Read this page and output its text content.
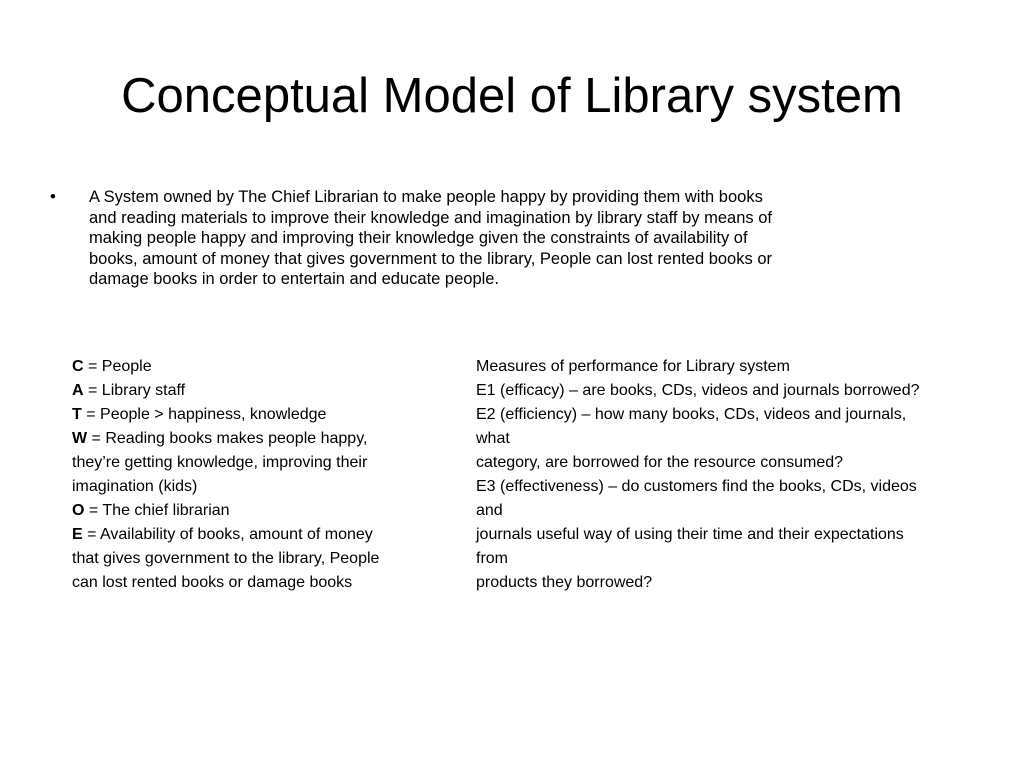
Conceptual Model of Library system
•	A System owned by The Chief Librarian to make people happy by providing them with books
and reading materials to improve their knowledge and imagination by library staff by means of
making people happy and improving their knowledge given the constraints of availability of
books, amount of money that gives government to the library, People can lost rented books or
damage books in order to entertain and educate people.
C = People
A = Library staff
T = People > happiness, knowledge
W = Reading books makes people happy,
they’re getting knowledge, improving their
imagination (kids)
O = The chief librarian
E = Availability of books, amount of money
that gives government to the library, People
can lost rented books or damage books
Measures of performance for Library system
E1 (efficacy) – are books, CDs, videos and journals borrowed?
E2 (efficiency) – how many books, CDs, videos and journals,
what
category, are borrowed for the resource consumed?
E3 (effectiveness) – do customers find the books, CDs, videos
and
journals useful way of using their time and their expectations
from
products they borrowed?
